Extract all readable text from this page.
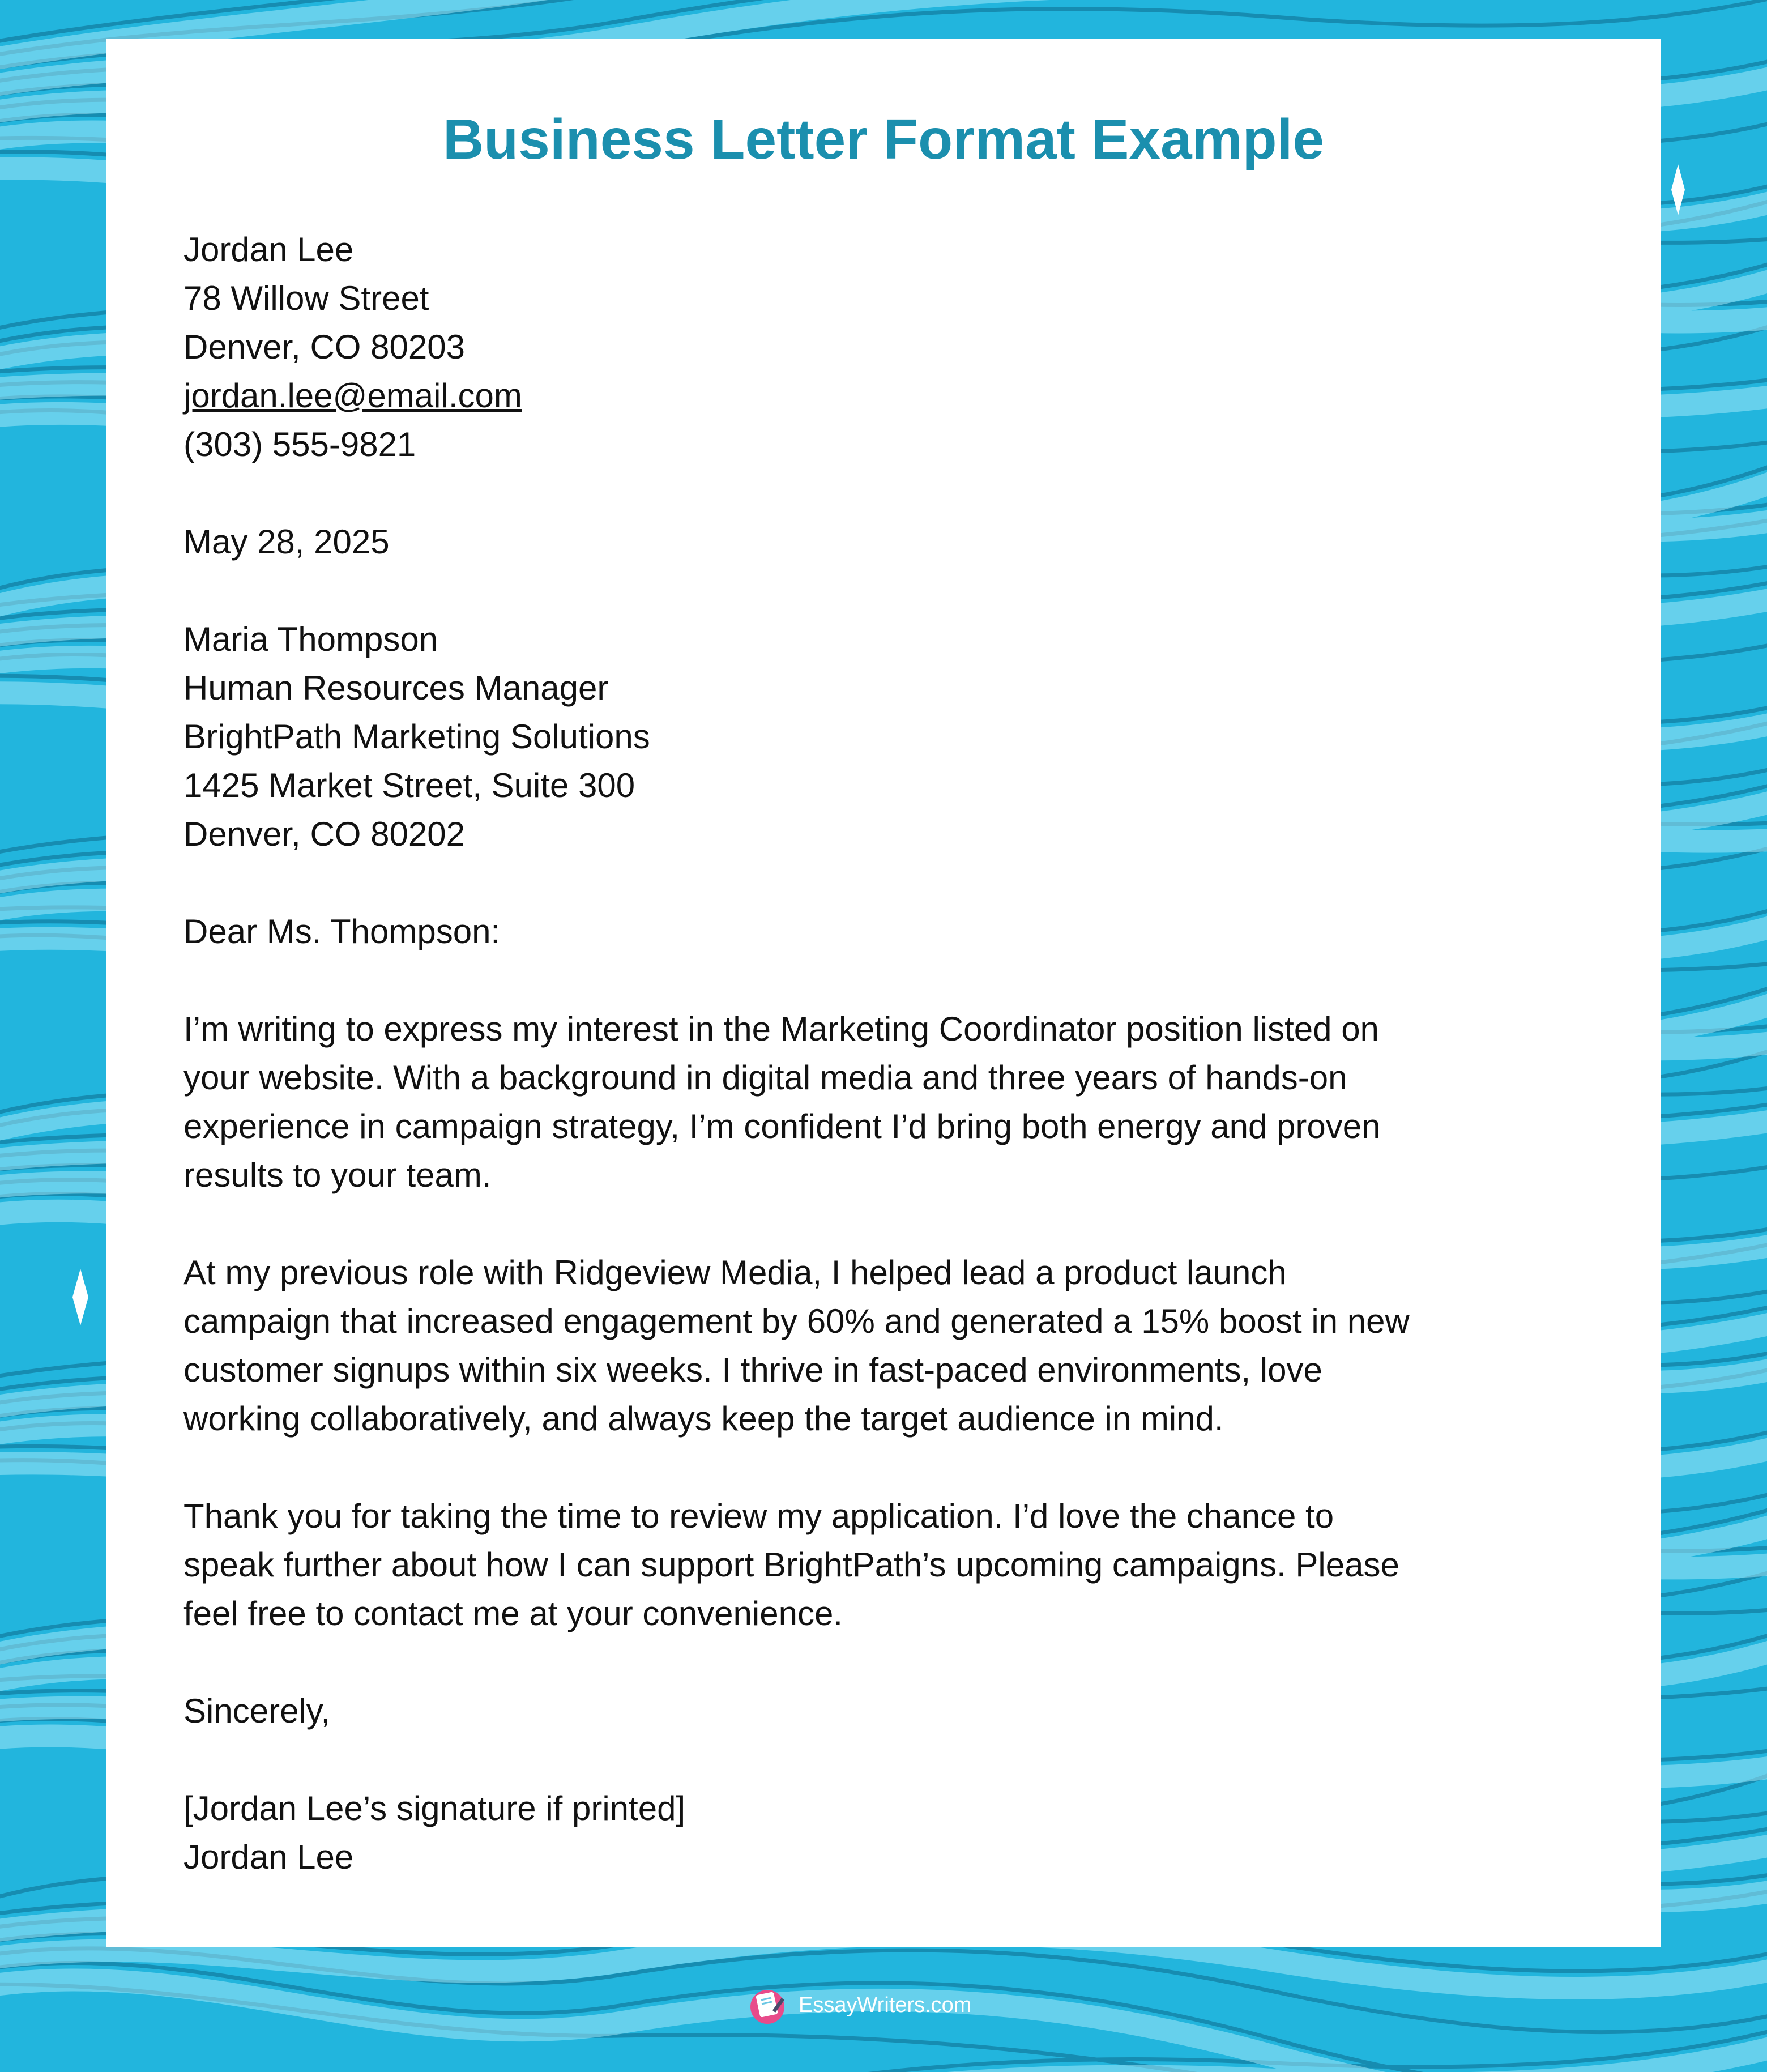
Business Letter Format Example
Jordan Lee
78 Willow Street
Denver, CO 80203
jordan.lee@email.com
(303) 555-9821
May 28, 2025
Maria Thompson
Human Resources Manager
BrightPath Marketing Solutions
1425 Market Street, Suite 300
Denver, CO 80202
Dear Ms. Thompson:
I’m writing to express my interest in the Marketing Coordinator position listed on
your website. With a background in digital media and three years of hands-on
experience in campaign strategy, I’m confident I’d bring both energy and proven
results to your team.
At my previous role with Ridgeview Media, I helped lead a product launch
campaign that increased engagement by 60% and generated a 15% boost in new
customer signups within six weeks. I thrive in fast-paced environments, love
working collaboratively, and always keep the target audience in mind.
Thank you for taking the time to review my application. I’d love the chance to
speak further about how I can support BrightPath’s upcoming campaigns. Please
feel free to contact me at your convenience.
Sincerely,
[Jordan Lee’s signature if printed]
Jordan Lee
EssayWriters.com
